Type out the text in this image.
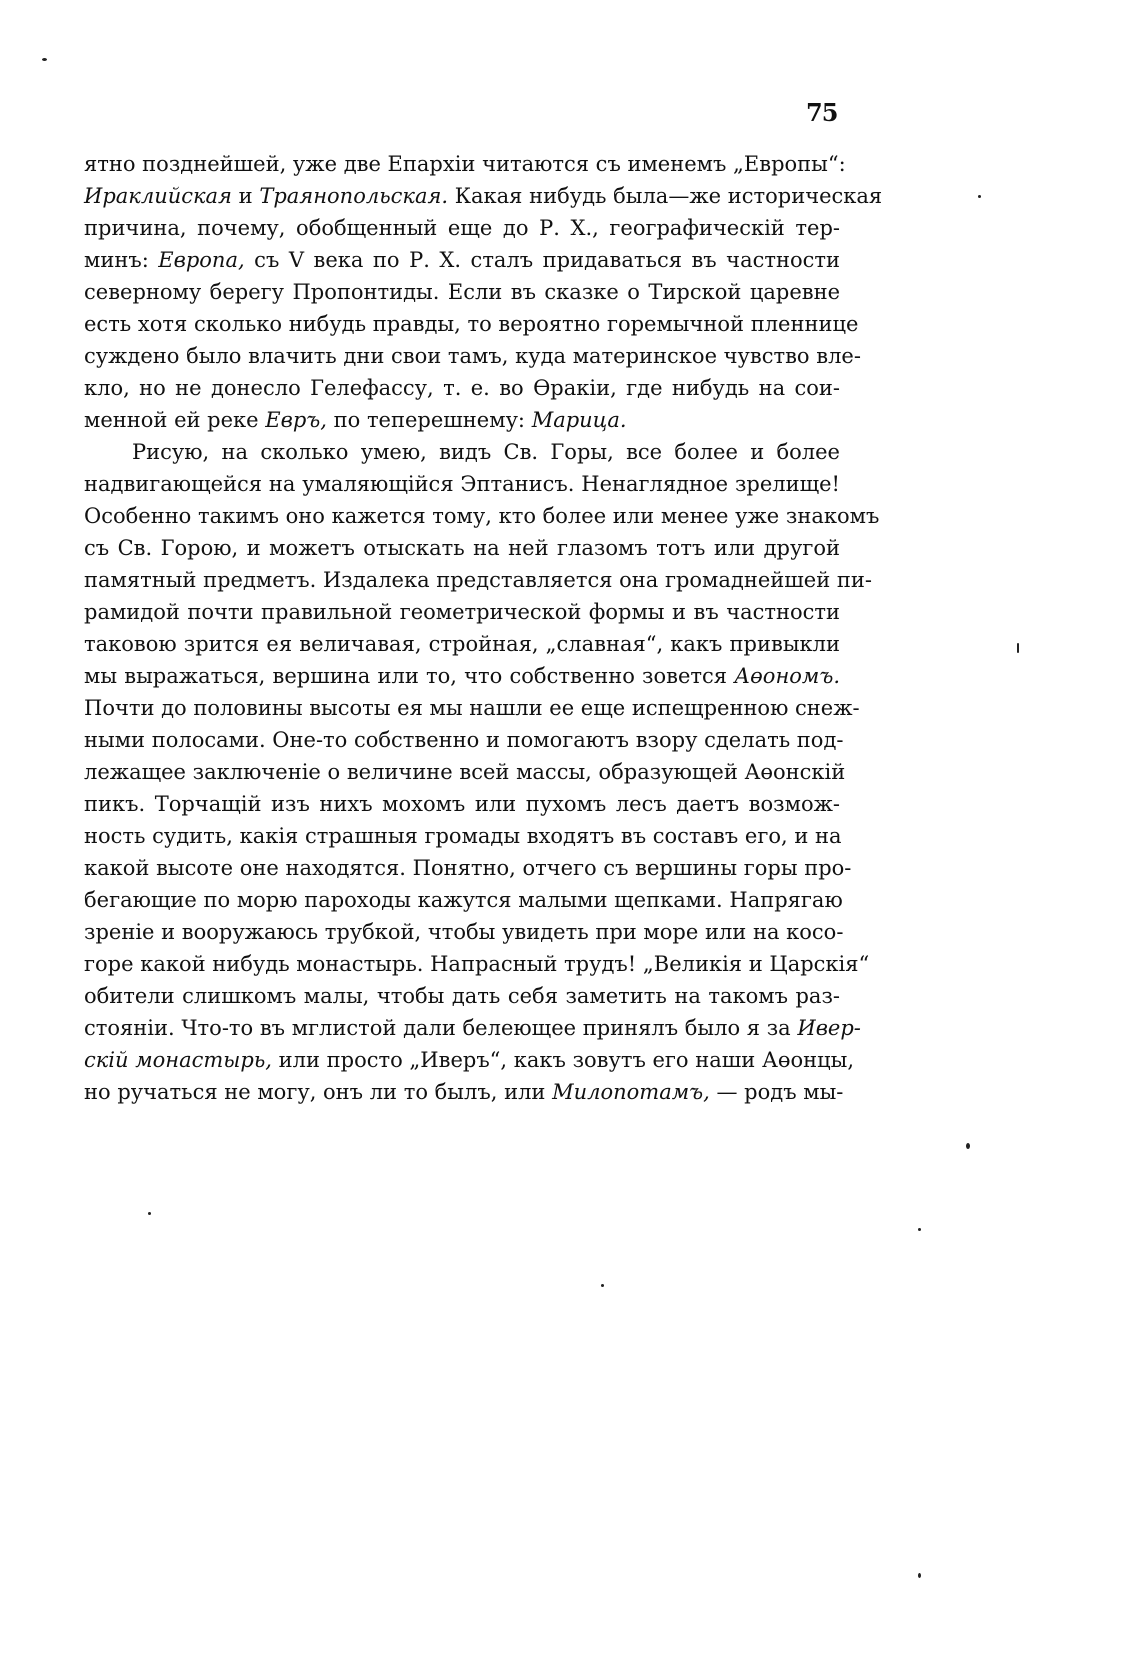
75
ятно позднейшей, уже две Епархiи читаются съ именемъ „Европы“:
Ираклийская и Траянопольская. Какая нибудь была—же историческая
причина, почему, обобщенный еще до Р. Х., географическiй тер-
минъ: Европа, съ V века по Р. Х. сталъ придаваться въ частности
северному берегу Пропонтиды. Если въ сказке о Тирской царевне
есть хотя сколько нибудь правды, то вероятно горемычной пленнице
суждено было влачить дни свои тамъ, куда материнское чувство вле-
кло, но не донесло Гелефассу, т. е. во Өракiи, где нибудь на сои-
менной ей реке Евръ, по теперешнему: Марица.
Рисую, на сколько умею, видъ Св. Горы, все более и более
надвигающейся на умаляющiйся Эптанисъ. Ненаглядное зрелище!
Особенно такимъ оно кажется тому, кто более или менее уже знакомъ
съ Св. Горою, и можетъ отыскать на ней глазомъ тотъ или другой
памятный предметъ. Издалека представляется она громаднейшей пи-
рамидой почти правильной геометрической формы и въ частности
таковою зрится ея величавая, стройная, „славная“, какъ привыкли
мы выражаться, вершина или то, что собственно зовется Аөономъ.
Почти до половины высоты ея мы нашли ее еще испещренною снеж-
ными полосами. Оне-то собственно и помогаютъ взору сделать под-
лежащее заключенiе о величине всей массы, образующей Аөонскiй
пикъ. Торчащiй изъ нихъ мохомъ или пухомъ лесъ даетъ возмож-
ность судить, какiя страшныя громады входятъ въ составъ его, и на
какой высоте оне находятся. Понятно, отчего съ вершины горы про-
бегающие по морю пароходы кажутся малыми щепками. Напрягаю
зренiе и вооружаюсь трубкой, чтобы увидеть при море или на косо-
горе какой нибудь монастырь. Напрасный трудъ! „Великiя и Царскiя“
обители слишкомъ малы, чтобы дать себя заметить на такомъ раз-
стоянiи. Что-то въ мглистой дали белеющее принялъ было я за Ивер-
скiй монастырь, или просто „Иверъ“, какъ зовутъ его наши Аөонцы,
но ручаться не могу, онъ ли то былъ, или Милопотамъ, — родъ мы-
